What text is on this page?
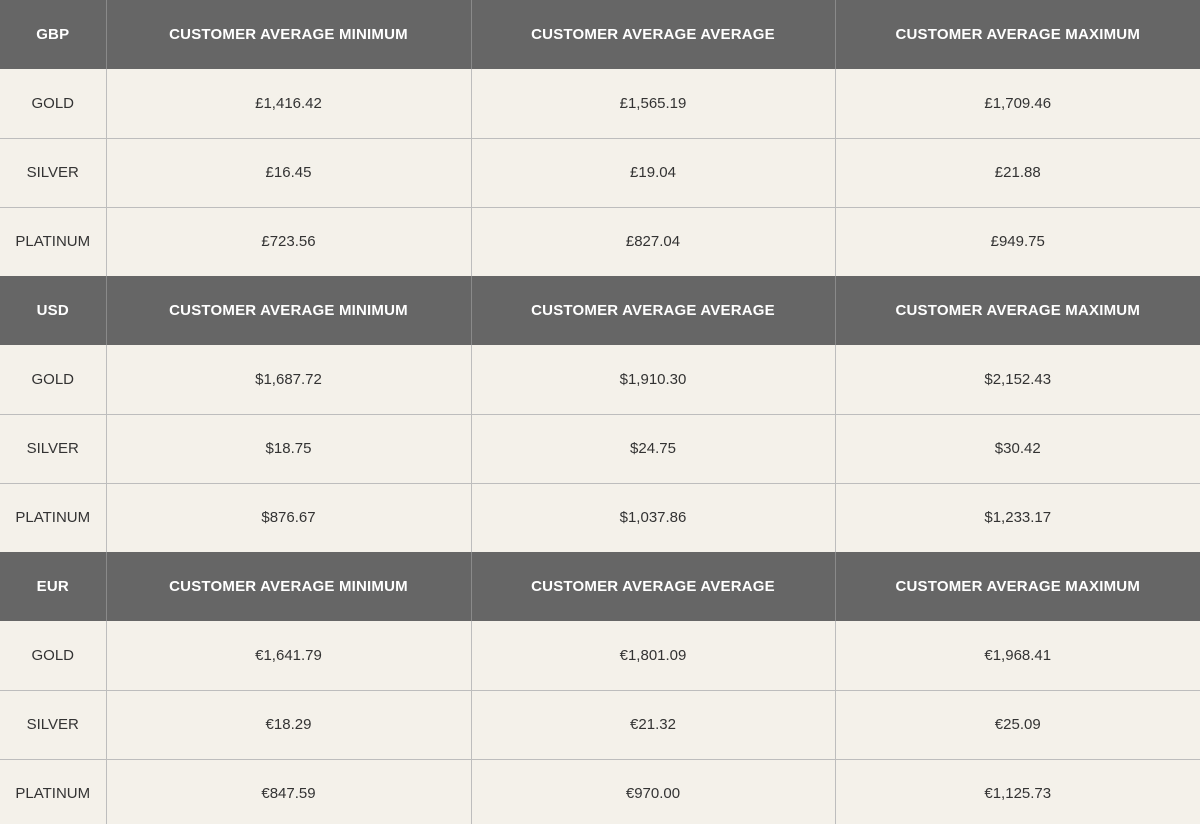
GBP	CUSTOMER AVERAGE MINIMUM	CUSTOMER AVERAGE AVERAGE	CUSTOMER AVERAGE MAXIMUM
GOLD	£1,416.42	£1,565.19	£1,709.46
SILVER	£16.45	£19.04	£21.88
PLATINUM	£723.56	£827.04	£949.75
USD	CUSTOMER AVERAGE MINIMUM	CUSTOMER AVERAGE AVERAGE	CUSTOMER AVERAGE MAXIMUM
GOLD	$1,687.72	$1,910.30	$2,152.43
SILVER	$18.75	$24.75	$30.42
PLATINUM	$876.67	$1,037.86	$1,233.17
EUR	CUSTOMER AVERAGE MINIMUM	CUSTOMER AVERAGE AVERAGE	CUSTOMER AVERAGE MAXIMUM
GOLD	€1,641.79	€1,801.09	€1,968.41
SILVER	€18.29	€21.32	€25.09
PLATINUM	€847.59	€970.00	€1,125.73
